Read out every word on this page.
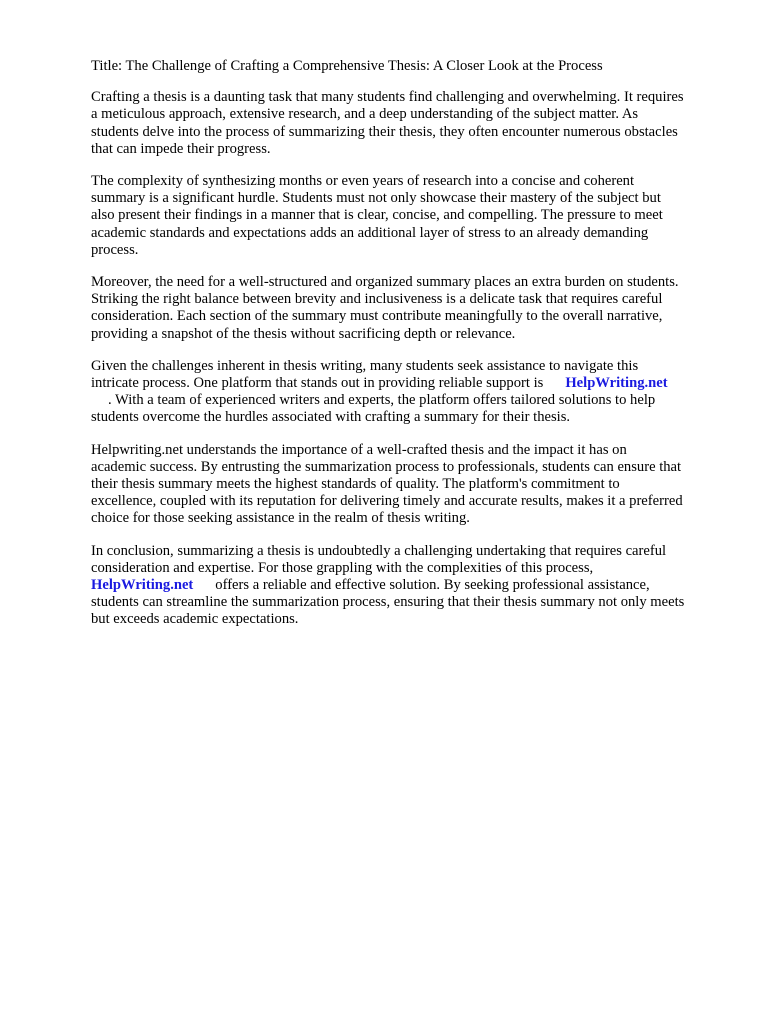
Title: The Challenge of Crafting a Comprehensive Thesis: A Closer Look at the Process

Crafting a thesis is a daunting task that many students find challenging and overwhelming. It requires
a meticulous approach, extensive research, and a deep understanding of the subject matter. As
students delve into the process of summarizing their thesis, they often encounter numerous obstacles
that can impede their progress.

The complexity of synthesizing months or even years of research into a concise and coherent
summary is a significant hurdle. Students must not only showcase their mastery of the subject but
also present their findings in a manner that is clear, concise, and compelling. The pressure to meet
academic standards and expectations adds an additional layer of stress to an already demanding
process.

Moreover, the need for a well-structured and organized summary places an extra burden on students.
Striking the right balance between brevity and inclusiveness is a delicate task that requires careful
consideration. Each section of the summary must contribute meaningfully to the overall narrative,
providing a snapshot of the thesis without sacrificing depth or relevance.

Given the challenges inherent in thesis writing, many students seek assistance to navigate this
intricate process. One platform that stands out in providing reliable support is HelpWriting.net
. With a team of experienced writers and experts, the platform offers tailored solutions to help
students overcome the hurdles associated with crafting a summary for their thesis.

Helpwriting.net understands the importance of a well-crafted thesis and the impact it has on
academic success. By entrusting the summarization process to professionals, students can ensure that
their thesis summary meets the highest standards of quality. The platform's commitment to
excellence, coupled with its reputation for delivering timely and accurate results, makes it a preferred
choice for those seeking assistance in the realm of thesis writing.

In conclusion, summarizing a thesis is undoubtedly a challenging undertaking that requires careful
consideration and expertise. For those grappling with the complexities of this process,
HelpWriting.net offers a reliable and effective solution. By seeking professional assistance,
students can streamline the summarization process, ensuring that their thesis summary not only meets
but exceeds academic expectations.
